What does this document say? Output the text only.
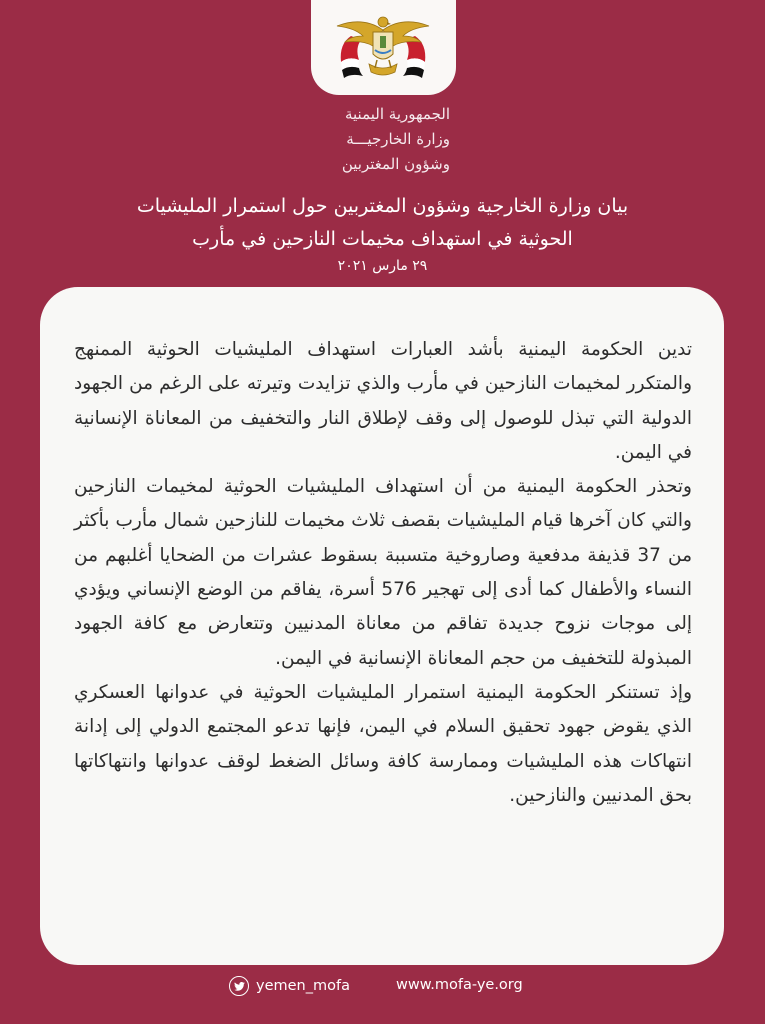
الجمهورية اليمنية
وزارة الخارجيـــة
وشؤون المغتربين
بيان وزارة الخارجية وشؤون المغتربين حول استمرار المليشيات
الحوثية في استهداف مخيمات النازحين في مأرب
٢٩ مارس ٢٠٢١

تدين الحكومة اليمنية بأشد العبارات استهداف المليشيات الحوثية الممنهج والمتكرر لمخيمات النازحين في مأرب والذي تزايدت وتيرته على الرغم من الجهود الدولية التي تبذل للوصول إلى وقف لإطلاق النار والتخفيف من المعاناة الإنسانية في اليمن.

وتحذر الحكومة اليمنية من أن استهداف المليشيات الحوثية لمخيمات النازحين والتي كان آخرها قيام المليشيات بقصف ثلاث مخيمات للنازحين شمال مأرب بأكثر من 37 قذيفة مدفعية وصاروخية متسببة بسقوط عشرات من الضحايا أغلبهم من النساء والأطفال كما أدى إلى تهجير 576 أسرة، يفاقم من الوضع الإنساني ويؤدي إلى موجات نزوح جديدة تفاقم من معاناة المدنيين وتتعارض مع كافة الجهود المبذولة للتخفيف من حجم المعاناة الإنسانية في اليمن.

وإذ تستنكر الحكومة اليمنية استمرار المليشيات الحوثية في عدوانها العسكري الذي يقوض جهود تحقيق السلام في اليمن، فإنها تدعو المجتمع الدولي إلى إدانة انتهاكات هذه المليشيات وممارسة كافة وسائل الضغط لوقف عدوانها وانتهاكاتها بحق المدنيين والنازحين.

yemen_mofa	www.mofa-ye.org
